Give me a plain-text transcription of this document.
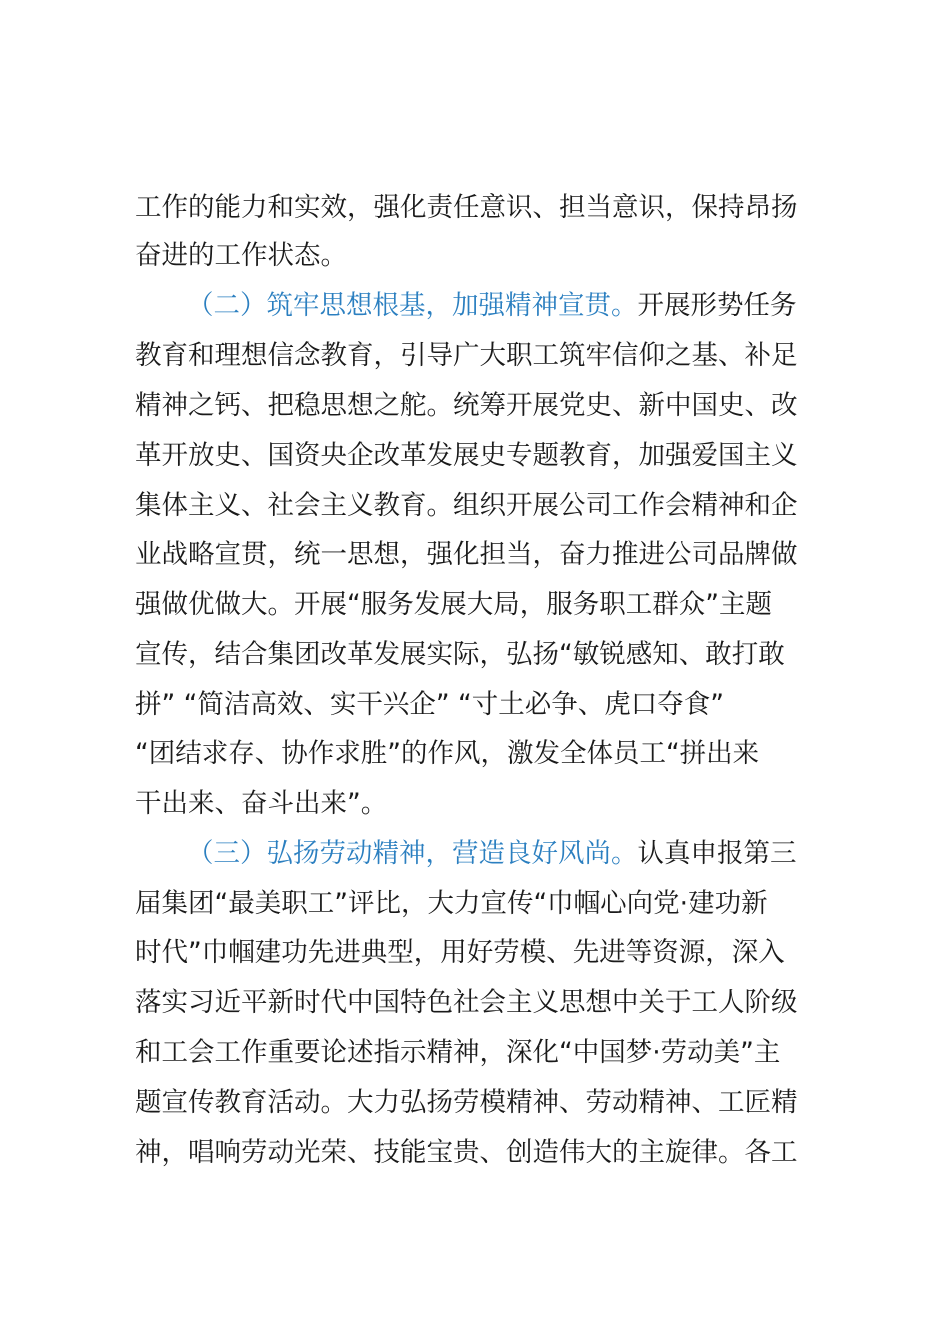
工作的能力和实效，强化责任意识、担当意识，保持昂扬
奋进的工作状态。
（二）筑牢思想根基，加强精神宣贯。开展形势任务
教育和理想信念教育，引导广大职工筑牢信仰之基、补足
精神之钙、把稳思想之舵。统筹开展党史、新中国史、改
革开放史、国资央企改革发展史专题教育，加强爱国主义
集体主义、社会主义教育。组织开展公司工作会精神和企
业战略宣贯，统一思想，强化担当，奋力推进公司品牌做
强做优做大。开展“服务发展大局，服务职工群众”主题
宣传，结合集团改革发展实际，弘扬“敏锐感知、敢打敢
拼” “简洁高效、实干兴企” “寸土必争、虎口夺食”
“团结求存、协作求胜”的作风，激发全体员工“拼出来
干出来、奋斗出来”。
（三）弘扬劳动精神，营造良好风尚。认真申报第三
届集团“最美职工”评比，大力宣传“巾帼心向党·建功新
时代”巾帼建功先进典型，用好劳模、先进等资源，深入
落实习近平新时代中国特色社会主义思想中关于工人阶级
和工会工作重要论述指示精神，深化“中国梦·劳动美”主
题宣传教育活动。大力弘扬劳模精神、劳动精神、工匠精
神，唱响劳动光荣、技能宝贵、创造伟大的主旋律。各工
